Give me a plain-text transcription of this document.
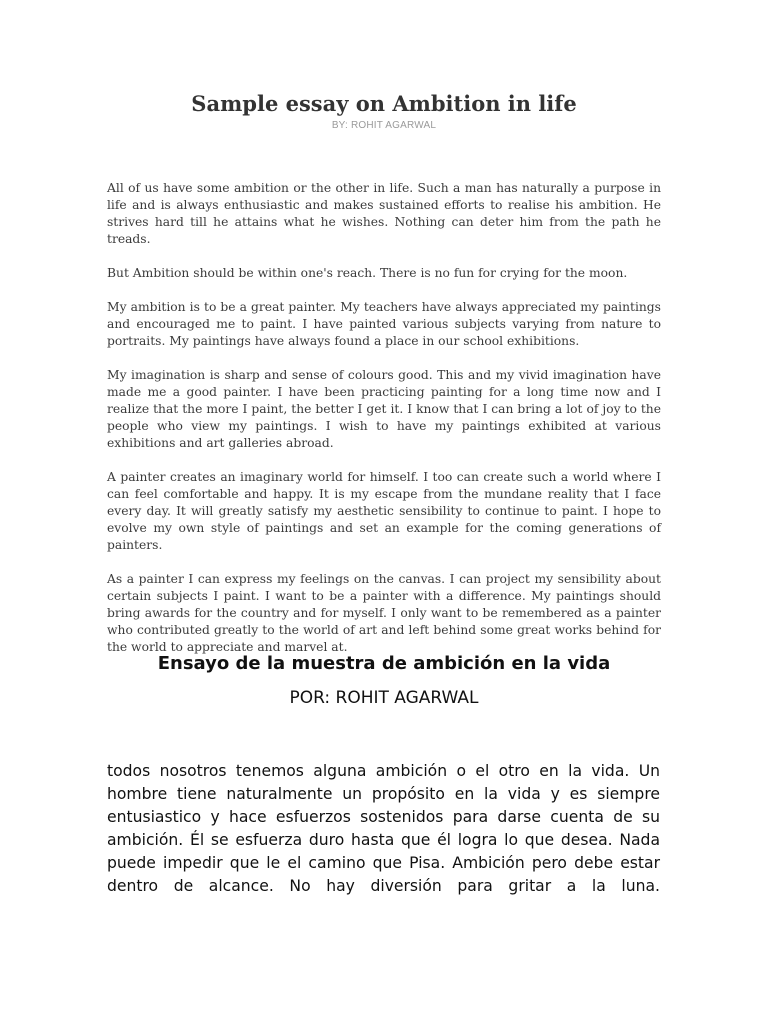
Sample essay on Ambition in life
BY: ROHIT AGARWAL

All of us have some ambition or the other in life. Such a man has naturally a purpose in life and is always enthusiastic and makes sustained efforts to realise his ambition. He strives hard till he attains what he wishes. Nothing can deter him from the path he treads.

But Ambition should be within one's reach. There is no fun for crying for the moon.

My ambition is to be a great painter. My teachers have always appreciated my paintings and encouraged me to paint. I have painted various subjects varying from nature to portraits. My paintings have always found a place in our school exhibitions.

My imagination is sharp and sense of colours good. This and my vivid imagination have made me a good painter. I have been practicing painting for a long time now and I realize that the more I paint, the better I get it. I know that I can bring a lot of joy to the people who view my paintings. I wish to have my paintings exhibited at various exhibitions and art galleries abroad.

A painter creates an imaginary world for himself. I too can create such a world where I can feel comfortable and happy. It is my escape from the mundane reality that I face every day. It will greatly satisfy my aesthetic sensibility to continue to paint. I hope to evolve my own style of paintings and set an example for the coming generations of painters.

As a painter I can express my feelings on the canvas. I can project my sensibility about certain subjects I paint. I want to be a painter with a difference. My paintings should bring awards for the country and for myself. I only want to be remembered as a painter who contributed greatly to the world of art and left behind some great works behind for the world to appreciate and marvel at.

Ensayo de la muestra de ambición en la vida
POR: ROHIT AGARWAL

todos nosotros tenemos alguna ambición o el otro en la vida. Un hombre tiene naturalmente un propósito en la vida y es siempre entusiastico y hace esfuerzos sostenidos para darse cuenta de su ambición. Él se esfuerza duro hasta que él logra lo que desea. Nada puede impedir que le el camino que Pisa. Ambición pero debe estar dentro de alcance. No hay diversión para gritar a la luna.
